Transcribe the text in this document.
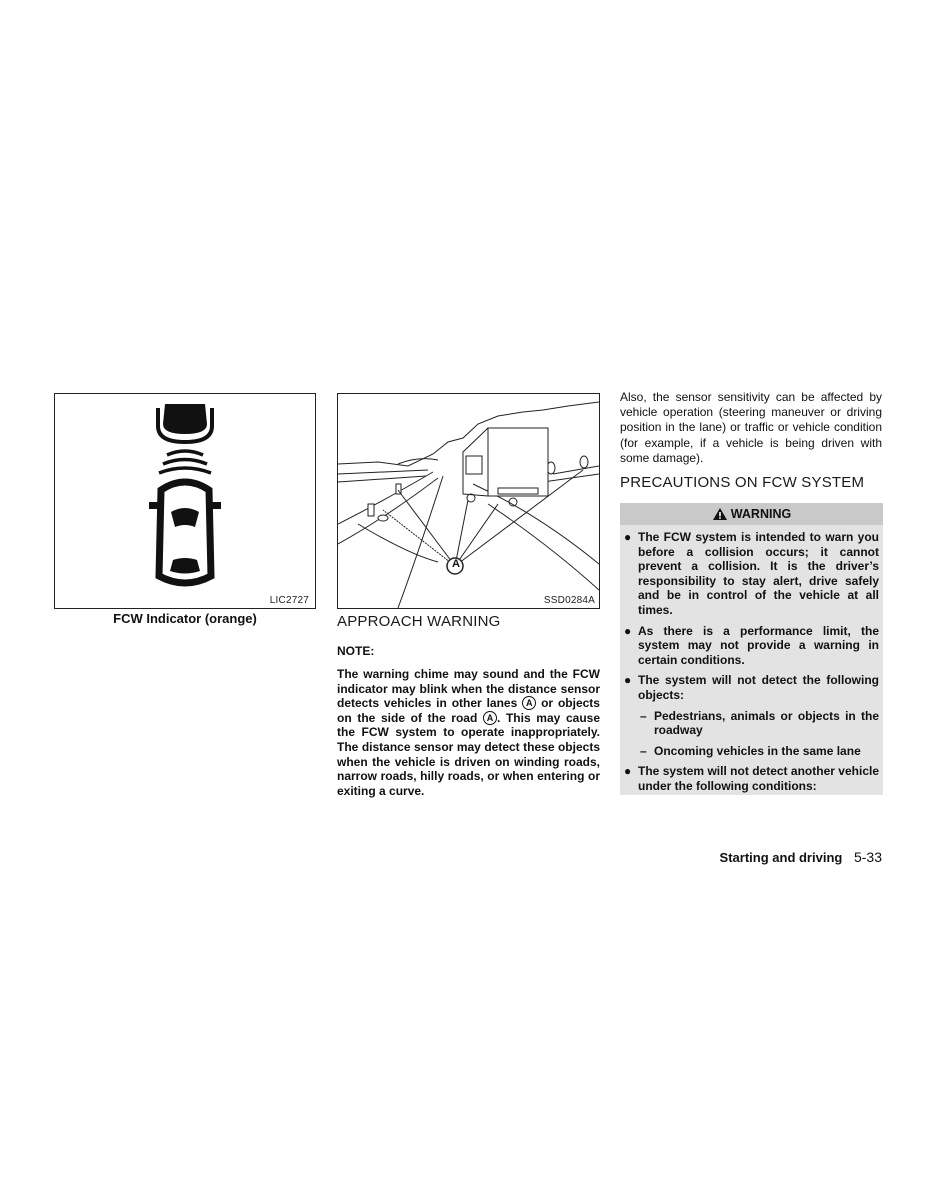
LIC2727
FCW Indicator (orange)
A
SSD0284A
APPROACH WARNING
NOTE:
The warning chime may sound and the FCW indicator may blink when the distance sensor detects vehicles in other lanes A or objects on the side of the road A . This may cause the FCW system to operate inappropriately. The distance sensor may detect these objects when the vehicle is driven on winding roads, narrow roads, hilly roads, or when entering or exiting a curve.
Also, the sensor sensitivity can be affected by vehicle operation (steering maneuver or driving position in the lane) or traffic or vehicle condition (for example, if a vehicle is being driven with some damage).
PRECAUTIONS ON FCW SYSTEM
WARNING
● The FCW system is intended to warn you before a collision occurs; it cannot prevent a collision. It is the driver’s responsibility to stay alert, drive safely and be in control of the vehicle at all times.
● As there is a performance limit, the system may not provide a warning in certain conditions.
● The system will not detect the following objects:
– Pedestrians, animals or objects in the roadway
– Oncoming vehicles in the same lane
● The system will not detect another vehicle under the following conditions:
Starting and driving 5-33
